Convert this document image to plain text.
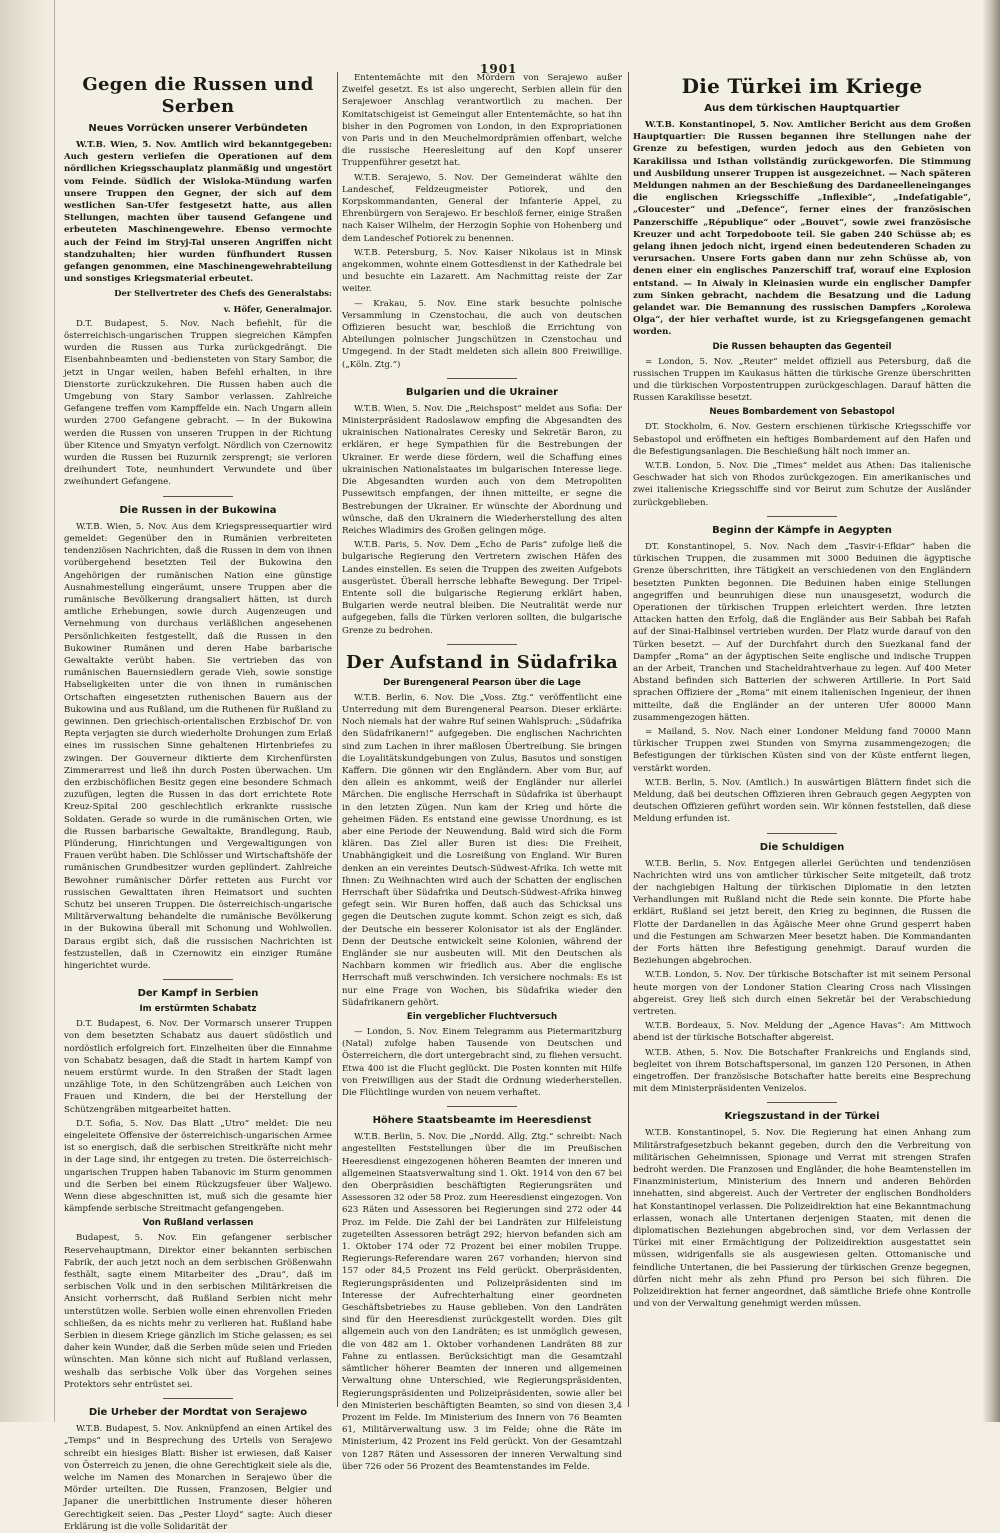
1901
Gegen die Russen und Serben
Neues Vorrücken unserer Verbündeten

W.T.B. Wien, 5. Nov. Amtlich wird bekanntgegeben: Auch gestern verliefen die Operationen auf dem nördlichen Kriegsschauplatz planmäßig und ungestört vom Feinde. Südlich der Wisloka-Mündung warfen unsere Truppen den Gegner, der sich auf dem westlichen San-Ufer festgesetzt hatte, aus allen Stellungen, machten über tausend Gefangene und erbeuteten Maschinengewehre. Ebenso vermochte auch der Feind im Stryj-Tal unseren Angriffen nicht standzuhalten; hier wurden fünfhundert Russen gefangen genommen, eine Maschinengewehrabteilung und sonstiges Kriegsmaterial erbeutet.

Der Stellvertreter des Chefs des Generalstabs:
v. Höfer, Generalmajor.

D.T. Budapest, 5. Nov. Nach befiehlt, für die österreichisch-ungarischen Truppen siegreichen Kämpfen wurden die Russen aus Turka zurückgedrängt. Die Eisenbahnbeamten und -bediensteten von Stary Sambor, die jetzt in Ungar weilen, haben Befehl erhalten, in ihre Dienstorte zurückzukehren. Die Russen haben auch die Umgebung von Stary Sambor verlassen. Zahlreiche Gefangene treffen vom Kampffelde ein. Nach Ungarn allein wurden 2700 Gefangene gebracht. — In der Bukowina werden die Russen von unseren Truppen in der Richtung über Kitence und Smyatyn verfolgt. Nördlich von Czernowitz wurden die Russen bei Ruzurnik zersprengt; sie verloren dreihundert Tote, neunhundert Verwundete und über zweihundert Gefangene.

Die Russen in der Bukowina

W.T.B. Wien, 5. Nov. Aus dem Kriegspressequartier wird gemeldet: Gegenüber den in Rumänien verbreiteten tendenziösen Nachrichten, daß die Russen in dem von ihnen vorübergehend besetzten Teil der Bukowina den Angehörigen der rumänischen Nation eine günstige Ausnahmestellung eingeräumt, unsere Truppen aber die rumänische Bevölkerung drangsaliert hätten, ist durch amtliche Erhebungen, sowie durch Augenzeugen und Vernehmung von durchaus verläßlichen angesehenen Persönlichkeiten festgestellt, daß die Russen in den Bukowiner Rumänen und deren Habe barbarische Gewaltakte verübt haben. Sie vertrieben das von rumänischen Bauernsiedlern gerade Vieh, sowie sonstige Habseligkeiten unter die von ihnen in rumänischen Ortschaften eingesetzten ruthenischen Bauern aus der Bukowina und aus Rußland, um die Ruthenen für Rußland zu gewinnen. Den griechisch-orientalischen Erzbischof Dr. von Repta verjagten sie durch wiederholte Drohungen zum Erlaß eines im russischen Sinne gehaltenen Hirtenbriefes zu zwingen. Der Gouverneur diktierte dem Kirchenfürsten Zimmerarrest und ließ ihn durch Posten überwachen. Um den erzbischöflichen Besitz gegen eine besondere Schmach zuzufügen, legten die Russen in das dort errichtete Rote Kreuz-Spital 200 geschlechtlich erkrankte russische Soldaten. Gerade so wurde in die rumänischen Orten, wie die Russen barbarische Gewaltakte, Brandlegung, Raub, Plünderung, Hinrichtungen und Vergewaltigungen von Frauen verübt haben. Die Schlösser und Wirtschaftshöfe der rumänischen Grundbesitzer wurden geplündert. Zahlreiche Bewohner rumänischer Dörfer retteten aus Furcht vor russischen Gewalttaten ihren Heimatsort und suchten Schutz bei unseren Truppen. Die österreichisch-ungarische Militärverwaltung behandelte die rumänische Bevölkerung in der Bukowina überall mit Schonung und Wohlwollen. Daraus ergibt sich, daß die russischen Nachrichten ist festzustellen, daß in Czernowitz ein einziger Rumäne hingerichtet wurde.

Der Kampf in Serbien
Im erstürmten Schabatz

D.T. Budapest, 6. Nov. Der Vormarsch unserer Truppen von dem besetzten Schabatz aus dauert südöstlich und nordöstlich erfolgreich fort. Einzelheiten über die Einnahme von Schabatz besagen, daß die Stadt in hartem Kampf von neuem erstürmt wurde. In den Straßen der Stadt lagen unzählige Tote, in den Schützengräben auch Leichen von Frauen und Kindern, die bei der Herstellung der Schützengräben mitgearbeitet hatten.

D.T. Sofia, 5. Nov. Das Blatt „Utro“ meldet: Die neu eingeleitete Offensive der österreichisch-ungarischen Armee ist so energisch, daß die serbischen Streitkräfte nicht mehr in der Lage sind, ihr entgegen zu treten. Die österreichisch-ungarischen Truppen haben Tabanovic im Sturm genommen und die Serben bei einem Rückzugsfeuer über Waljewo. Wenn diese abgeschnitten ist, muß sich die gesamte hier kämpfende serbische Streitmacht gefangengeben.

Von Rußland verlassen

Budapest, 5. Nov. Ein gefangener serbischer Reservehauptmann, Direktor einer bekannten serbischen Fabrik, der auch jetzt noch an dem serbischen Größenwahn festhält, sagte einem Mitarbeiter des „Drau“, daß im serbischen Volk und in den serbischen Militärkreisen die Ansicht vorherrscht, daß Rußland Serbien nicht mehr unterstützen wolle. Serbien wolle einen ehrenvollen Frieden schließen, da es nichts mehr zu verlieren hat. Rußland habe Serbien in diesem Kriege gänzlich im Stiche gelassen; es sei daher kein Wunder, daß die Serben müde seien und Frieden wünschten. Man könne sich nicht auf Rußland verlassen, weshalb das serbische Volk über das Vorgehen seines Protektors sehr entrüstet sei.

Die Urheber der Mordtat von Serajewo

W.T.B. Budapest, 5. Nov. Anknüpfend an einen Artikel des „Temps“ und in Besprechung des Urteils von Serajewo schreibt ein hiesiges Blatt: Bisher ist erwiesen, daß Kaiser von Österreich zu jenen, die ohne Gerechtigkeit siele als die, welche im Namen des Monarchen in Serajewo über die Mörder urteilten. Die Russen, Franzosen, Belgier und Japaner die unerbittlichen Instrumente dieser höheren Gerechtigkeit seien. Das „Pester Lloyd“ sagte: Auch dieser Erklärung ist die volle Solidarität der

Ententemächte mit den Mördern von Serajewo außer Zweifel gesetzt. Es ist also ungerecht, Serbien allein für den Serajewoer Anschlag verantwortlich zu machen. Der Komitatschigeist ist Gemeingut aller Ententemächte, so hat ihn bisher in den Pogromen von London, in den Expropriationen von Paris und in den Meuchelmordprämien offenbart, welche die russische Heeresleitung auf den Kopf unserer Truppenführer gesetzt hat.

W.T.B. Serajewo, 5. Nov. Der Gemeinderat wählte den Landeschef, Feldzeugmeister Potiorek, und den Korpskommandanten, General der Infanterie Appel, zu Ehrenbürgern von Serajewo. Er beschloß ferner, einige Straßen nach Kaiser Wilhelm, der Herzogin Sophie von Hohenberg und dem Landeschef Potiorek zu benennen.

W.T.B. Petersburg, 5. Nov. Kaiser Nikolaus ist in Minsk angekommen, wohnte einem Gottesdienst in der Kathedrale bei und besuchte ein Lazarett. Am Nachmittag reiste der Zar weiter.

— Krakau, 5. Nov. Eine stark besuchte polnische Versammlung in Czenstochau, die auch von deutschen Offizieren besucht war, beschloß die Errichtung von Abteilungen polnischer Jungschützen in Czenstochau und Umgegend. In der Stadt meldeten sich allein 800 Freiwillige. („Köln. Ztg.“)

Bulgarien und die Ukrainer

W.T.B. Wien, 5. Nov. Die „Reichspost“ meldet aus Sofia: Der Ministerpräsident Radoslawow empfing die Abgesandten des ukrainischen Nationalrates Ceresky und Sekretär Baron, zu erklären, er hege Sympathien für die Bestrebungen der Ukrainer. Er werde diese fördern, weil die Schaffung eines ukrainischen Nationalstaates im bulgarischen Interesse liege. Die Abgesandten wurden auch von dem Metropoliten Pussewitsch empfangen, der ihnen mitteilte, er segne die Bestrebungen der Ukrainer. Er wünschte der Abordnung und wünsche, daß den Ukrainern die Wiederherstellung des alten Reiches Wladimirs des Großen gelingen möge.

W.T.B. Paris, 5. Nov. Dem „Echo de Paris“ zufolge ließ die bulgarische Regierung den Vertretern zwischen Häfen des Landes einstellen. Es seien die Truppen des zweiten Aufgebots ausgerüstet. Überall herrsche lebhafte Bewegung. Der Tripel-Entente soll die bulgarische Regierung erklärt haben, Bulgarien werde neutral bleiben. Die Neutralität werde nur aufgegeben, falls die Türken verloren sollten, die bulgarische Grenze zu bedrohen.

Der Aufstand in Südafrika
Der Burengeneral Pearson über die Lage

W.T.B. Berlin, 6. Nov. Die „Voss. Ztg.“ veröffentlicht eine Unterredung mit dem Burengeneral Pearson. Dieser erklärte: Noch niemals hat der wahre Ruf seinen Wahlspruch: „Südafrika den Südafrikanern!“ aufgegeben. Die englischen Nachrichten sind zum Lachen in ihrer maßlosen Übertreibung. Sie bringen die Loyalitätskundgebungen von Zulus, Basutos und sonstigen Kaffern. Die gönnen wir den Engländern. Aber vom Bur, auf den allein es ankommt, weiß der Engländer nur allerlei Märchen. Die englische Herrschaft in Südafrika ist überhaupt in den letzten Zügen. Nun kam der Krieg und hörte die geheimen Fäden. Es entstand eine gewisse Unordnung, es ist aber eine Periode der Neuwendung. Bald wird sich die Form klären. Das Ziel aller Buren ist dies: Die Freiheit, Unabhängigkeit und die Losreißung von England. Wir Buren denken an ein vereintes Deutsch-Südwest-Afrika. Ich wette mit Ihnen: Zu Weihnachten wird auch der Schatten der englischen Herrschaft über Südafrika und Deutsch-Südwest-Afrika hinweg gefegt sein. Wir Buren hoffen, daß auch das Schicksal uns gegen die Deutschen zugute kommt. Schon zeigt es sich, daß der Deutsche ein besserer Kolonisator ist als der Engländer. Denn der Deutsche entwickelt seine Kolonien, während der Engländer sie nur ausbeuten will. Mit den Deutschen als Nachbarn kommen wir friedlich aus. Aber die englische Herrschaft muß verschwinden. Ich versichere nochmals: Es ist nur eine Frage von Wochen, bis Südafrika wieder den Südafrikanern gehört.

Ein vergeblicher Fluchtversuch

— London, 5. Nov. Einem Telegramm aus Pietermaritzburg (Natal) zufolge haben Tausende von Deutschen und Österreichern, die dort untergebracht sind, zu fliehen versucht. Etwa 400 ist die Flucht geglückt. Die Posten konnten mit Hilfe von Freiwilligen aus der Stadt die Ordnung wiederherstellen. Die Flüchtlinge wurden von neuem verhaftet.

Höhere Staatsbeamte im Heeresdienst

W.T.B. Berlin, 5. Nov. Die „Nordd. Allg. Ztg.“ schreibt: Nach angestellten Feststellungen über die im Preußischen Heeresdienst eingezogenen höheren Beamten der inneren und allgemeinen Staatsverwaltung sind 1. Okt. 1914 von den 67 bei den Oberpräsidien beschäftigten Regierungsräten und Assessoren 32 oder 58 Proz. zum Heeresdienst eingezogen. Von 623 Räten und Assessoren bei Regierungen sind 272 oder 44 Proz. im Felde. Die Zahl der bei Landräten zur Hilfeleistung zugeteilten Assessoren beträgt 292; hiervon befanden sich am 1. Oktober 174 oder 72 Prozent bei einer mobilen Truppe. Regierungs-Referendare waren 267 vorhanden; hiervon sind 157 oder 84,5 Prozent ins Feld gerückt. Oberpräsidenten, Regierungspräsidenten und Polizeipräsidenten sind im Interesse der Aufrechterhaltung einer geordneten Geschäftsbetriebes zu Hause geblieben. Von den Landräten sind für den Heeresdienst zurückgestellt worden. Dies gilt allgemein auch von den Landräten; es ist unmöglich gewesen, die von 482 am 1. Oktober vorhandenen Landräten 88 zur Fahne zu entlassen. Berücksichtigt man die Gesamtzahl sämtlicher höherer Beamten der inneren und allgemeinen Verwaltung ohne Unterschied, wie Regierungspräsidenten, Regierungspräsidenten und Polizeipräsidenten, sowie aller bei den Ministerien beschäftigten Beamten, so sind von diesen 3,4 Prozent im Felde. Im Ministerium des Innern von 76 Beamten 61, Militärverwaltung usw. 3 im Felde; ohne die Räte im Ministerium, 42 Prozent ins Feld gerückt. Von der Gesamtzahl von 1287 Räten und Assessoren der inneren Verwaltung sind über 726 oder 56 Prozent des Beamtenstandes im Felde.

Die Türkei im Kriege
Aus dem türkischen Hauptquartier

W.T.B. Konstantinopel, 5. Nov. Amtlicher Bericht aus dem Großen Hauptquartier: Die Russen begannen ihre Stellungen nahe der Grenze zu befestigen, wurden jedoch aus den Gebieten von Karakilissa und Isthan vollständig zurückgeworfen. Die Stimmung und Ausbildung unserer Truppen ist ausgezeichnet. — Nach späteren Meldungen nahmen an der Beschießung des Dardaneelleneinganges die englischen Kriegsschiffe „Inflexible“, „Indefatigable“, „Gloucester“ und „Defence“, ferner eines der französischen Panzerschiffe „République“ oder „Bouvet“, sowie zwei französische Kreuzer und acht Torpedoboote teil. Sie gaben 240 Schüsse ab; es gelang ihnen jedoch nicht, irgend einen bedeutenderen Schaden zu verursachen. Unsere Forts gaben dann nur zehn Schüsse ab, von denen einer ein englisches Panzerschiff traf, worauf eine Explosion entstand. — In Aiwaly in Kleinasien wurde ein englischer Dampfer zum Sinken gebracht, nachdem die Besatzung und die Ladung gelandet war. Die Bemannung des russischen Dampfers „Korolewa Olga“, der hier verhaftet wurde, ist zu Kriegsgefangenen gemacht worden.

Die Russen behaupten das Gegenteil

= London, 5. Nov. „Reuter“ meldet offiziell aus Petersburg, daß die russischen Truppen im Kaukasus hätten die türkische Grenze überschritten und die türkischen Vorpostentruppen zurückgeschlagen. Darauf hätten die Russen Karakilisse besetzt.

Neues Bombardement von Sebastopol

DT. Stockholm, 6. Nov. Gestern erschienen türkische Kriegsschiffe vor Sebastopol und eröffneten ein heftiges Bombardement auf den Hafen und die Befestigungsanlagen. Die Beschießung hält noch immer an.

W.T.B. London, 5. Nov. Die „Times“ meldet aus Athen: Das italienische Geschwader hat sich von Rhodos zurückgezogen. Ein amerikanisches und zwei italienische Kriegsschiffe sind vor Beirut zum Schutze der Ausländer zurückgeblieben.

Beginn der Kämpfe in Aegypten

DT. Konstantinopel, 5. Nov. Nach dem „Tasvir-i-Efkiar“ haben die türkischen Truppen, die zusammen mit 3000 Beduinen die ägyptische Grenze überschritten, ihre Tätigkeit an verschiedenen von den Engländern besetzten Punkten begonnen. Die Beduinen haben einige Stellungen angegriffen und beunruhigen diese nun unausgesetzt, wodurch die Operationen der türkischen Truppen erleichtert werden. Ihre letzten Attacken hatten den Erfolg, daß die Engländer aus Beir Sabbah bei Rafah auf der Sinai-Halbinsel vertrieben wurden. Der Platz wurde darauf von den Türken besetzt. — Auf der Durchfahrt durch den Suezkanal fand der Dampfer „Roma“ an der ägyptischen Seite englische und indische Truppen an der Arbeit, Tranchen und Stacheldrahtverhaue zu legen. Auf 400 Meter Abstand befinden sich Batterien der schweren Artillerie. In Port Said sprachen Offiziere der „Roma“ mit einem italienischen Ingenieur, der ihnen mitteilte, daß die Engländer an der unteren Ufer 80000 Mann zusammengezogen hätten.

= Mailand, 5. Nov. Nach einer Londoner Meldung fand 70000 Mann türkischer Truppen zwei Stunden von Smyrna zusammengezogen; die Befestigungen der türkischen Küsten sind von der Küste entfernt liegen, verstärkt worden.

W.T.B. Berlin, 5. Nov. (Amtlich.) In auswärtigen Blättern findet sich die Meldung, daß bei deutschen Offizieren ihren Gebrauch gegen Aegypten von deutschen Offizieren geführt worden sein. Wir können feststellen, daß diese Meldung erfunden ist.

Die Schuldigen

W.T.B. Berlin, 5. Nov. Entgegen allerlei Gerüchten und tendenziösen Nachrichten wird uns von amtlicher türkischer Seite mitgeteilt, daß trotz der nachgiebigen Haltung der türkischen Diplomatie in den letzten Verhandlungen mit Rußland nicht die Rede sein konnte. Die Pforte habe erklärt, Rußland sei jetzt bereit, den Krieg zu beginnen, die Russen die Flotte der Dardanellen in das Ägäische Meer ohne Grund gesperrt haben und die Festungen am Schwarzen Meer besetzt haben. Die Kommandanten der Forts hätten ihre Befestigung genehmigt. Darauf wurden die Beziehungen abgebrochen.

W.T.B. London, 5. Nov. Der türkische Botschafter ist mit seinem Personal heute morgen von der Londoner Station Clearing Cross nach Vlissingen abgereist. Grey ließ sich durch einen Sekretär bei der Verabschiedung vertreten.

W.T.B. Bordeaux, 5. Nov. Meldung der „Agence Havas“: Am Mittwoch abend ist der türkische Botschafter abgereist.

W.T.B. Athen, 5. Nov. Die Botschafter Frankreichs und Englands sind, begleitet von ihrem Botschaftspersonal, im ganzen 120 Personen, in Athen eingetroffen. Der französische Botschafter hatte bereits eine Besprechung mit dem Ministerpräsidenten Venizelos.

Kriegszustand in der Türkei

W.T.B. Konstantinopel, 5. Nov. Die Regierung hat einen Anhang zum Militärstrafgesetzbuch bekannt gegeben, durch den die Verbreitung von militärischen Geheimnissen, Spionage und Verrat mit strengen Strafen bedroht werden. Die Franzosen und Engländer, die hohe Beamtenstellen im Finanzministerium, Ministerium des Innern und anderen Behörden innehatten, sind abgereist. Auch der Vertreter der englischen Bondholders hat Konstantinopel verlassen. Die Polizeidirektion hat eine Bekanntmachung erlassen, wonach alle Untertanen derjenigen Staaten, mit denen die diplomatischen Beziehungen abgebrochen sind, vor dem Verlassen der Türkei mit einer Ermächtigung der Polizeidirektion ausgestattet sein müssen, widrigenfalls sie als ausgewiesen gelten. Ottomanische und feindliche Untertanen, die bei Passierung der türkischen Grenze begegnen, dürfen nicht mehr als zehn Pfund pro Person bei sich führen. Die Polizeidirektion hat ferner angeordnet, daß sämtliche Briefe ohne Kontrolle und von der Verwaltung genehmigt werden müssen.
